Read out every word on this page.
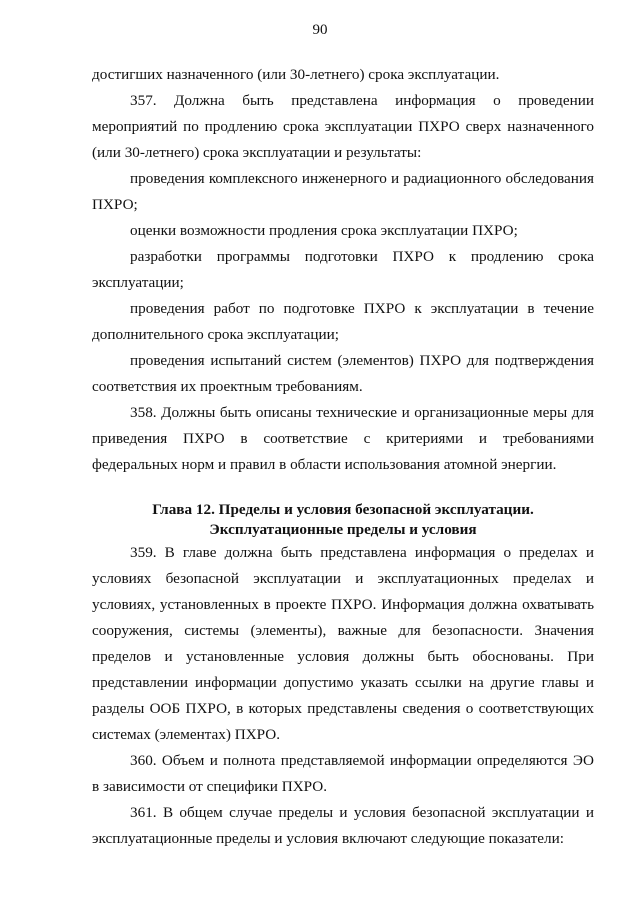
90

достигших назначенного (или 30-летнего) срока эксплуатации.

357. Должна быть представлена информация о проведении мероприятий по продлению срока эксплуатации ПХРО сверх назначенного (или 30-летнего) срока эксплуатации и результаты:

проведения комплексного инженерного и радиационного обследования ПХРО;

оценки возможности продления срока эксплуатации ПХРО;

разработки программы подготовки ПХРО к продлению срока эксплуатации;

проведения работ по подготовке ПХРО к эксплуатации в течение дополнительного срока эксплуатации;

проведения испытаний систем (элементов) ПХРО для подтверждения соответствия их проектным требованиям.

358. Должны быть описаны технические и организационные меры для приведения ПХРО в соответствие с критериями и требованиями федеральных норм и правил в области использования атомной энергии.

Глава 12. Пределы и условия безопасной эксплуатации.
Эксплуатационные пределы и условия

359. В главе должна быть представлена информация о пределах и условиях безопасной эксплуатации и эксплуатационных пределах и условиях, установленных в проекте ПХРО. Информация должна охватывать сооружения, системы (элементы), важные для безопасности. Значения пределов и установленные условия должны быть обоснованы. При представлении информации допустимо указать ссылки на другие главы и разделы ООБ ПХРО, в которых представлены сведения о соответствующих системах (элементах) ПХРО.

360. Объем и полнота представляемой информации определяются ЭО в зависимости от специфики ПХРО.

361. В общем случае пределы и условия безопасной эксплуатации и эксплуатационные пределы и условия включают следующие показатели:
